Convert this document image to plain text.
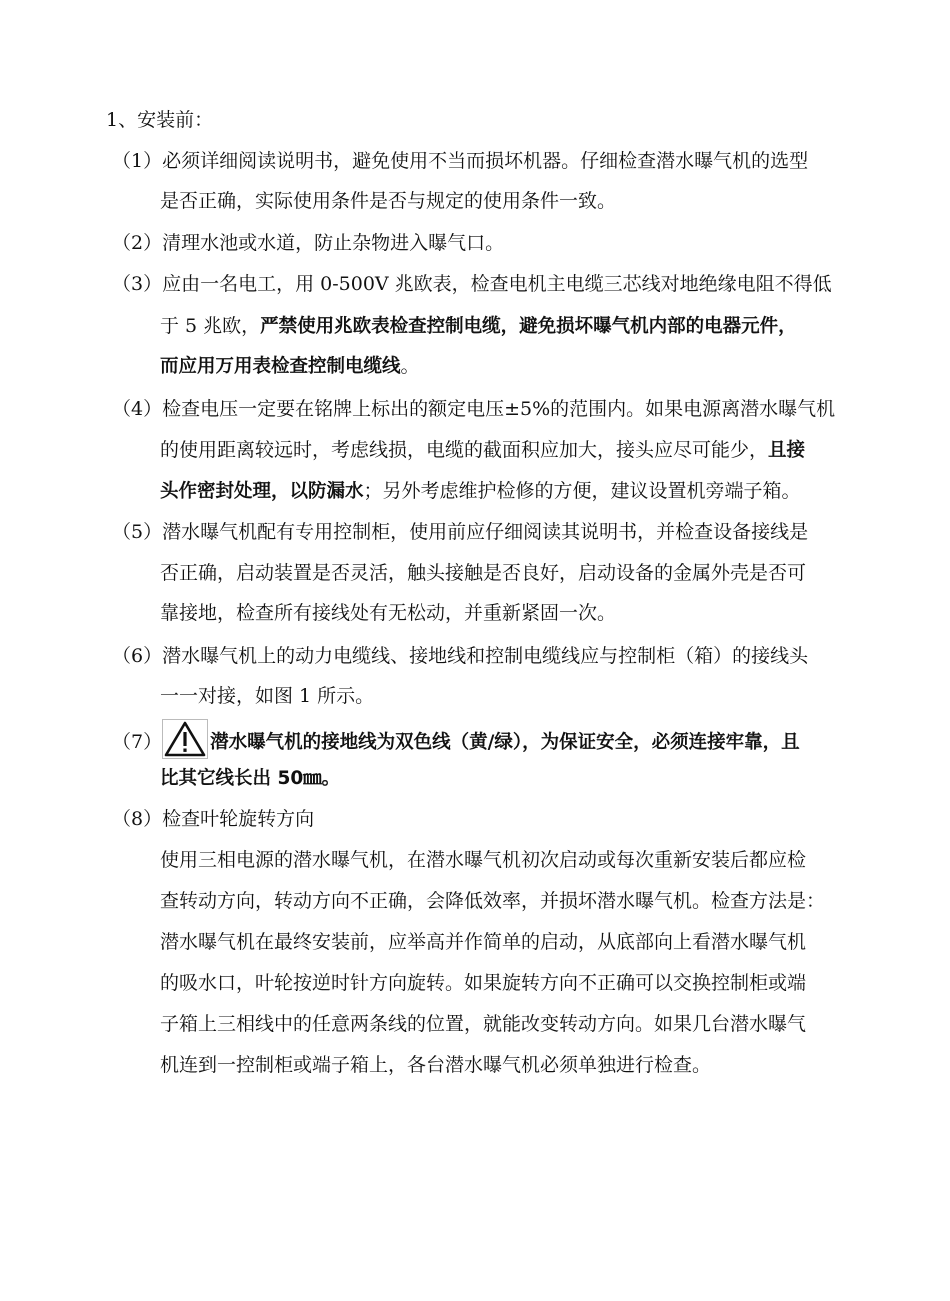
1、安装前：
（1）必须详细阅读说明书，避免使用不当而损坏机器。仔细检查潜水曝气机的选型
是否正确，实际使用条件是否与规定的使用条件一致。
（2）清理水池或水道，防止杂物进入曝气口。
（3）应由一名电工，用 0-500V 兆欧表，检查电机主电缆三芯线对地绝缘电阻不得低
于 5 兆欧，严禁使用兆欧表检查控制电缆，避免损坏曝气机内部的电器元件，
而应用万用表检查控制电缆线。
（4）检查电压一定要在铭牌上标出的额定电压±5%的范围内。如果电源离潜水曝气机
的使用距离较远时，考虑线损，电缆的截面积应加大，接头应尽可能少，且接
头作密封处理，以防漏水；另外考虑维护检修的方便，建议设置机旁端子箱。
（5）潜水曝气机配有专用控制柜，使用前应仔细阅读其说明书，并检查设备接线是
否正确，启动装置是否灵活，触头接触是否良好，启动设备的金属外壳是否可
靠接地，检查所有接线处有无松动，并重新紧固一次。
（6）潜水曝气机上的动力电缆线、接地线和控制电缆线应与控制柜（箱）的接线头
一一对接，如图 1 所示。
（7）	潜水曝气机的接地线为双色线（黄/绿），为保证安全，必须连接牢靠，且
比其它线长出 50㎜。
（8）检查叶轮旋转方向
使用三相电源的潜水曝气机，在潜水曝气机初次启动或每次重新安装后都应检
查转动方向，转动方向不正确，会降低效率，并损坏潜水曝气机。检查方法是：
潜水曝气机在最终安装前，应举高并作简单的启动，从底部向上看潜水曝气机
的吸水口，叶轮按逆时针方向旋转。如果旋转方向不正确可以交换控制柜或端
子箱上三相线中的任意两条线的位置，就能改变转动方向。如果几台潜水曝气
机连到一控制柜或端子箱上，各台潜水曝气机必须单独进行检查。
